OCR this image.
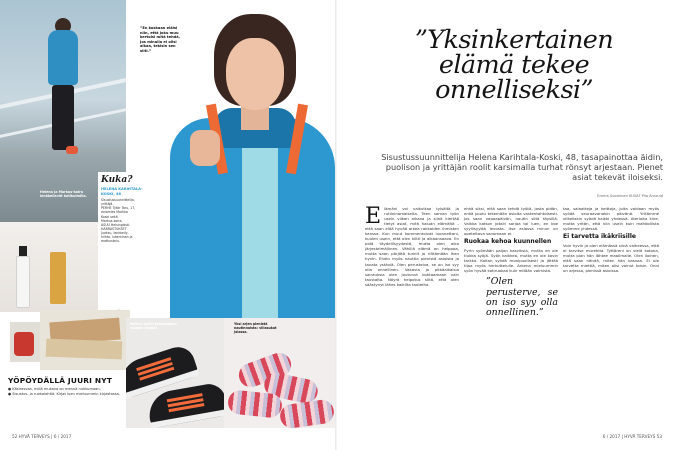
Helena ja Markus-koira lenkkeilevät kotikulmilla.
”En koskaan eläisi niin, että joku muu kertoisi mitä tehdä. Jos minulla ei olisi aikaa, tekisin sen silti.”
Kuka?
HELENA KARIHTALA-KOSKI, 48
Sisustussuunnittelija,
yrittäjä.
PERHE Tytär Taru, 17,
aviomies Markko
Koski sekä
Markus-koira.
ASUU Helsingissä.
HARRASTUKSET
Juoksu, lenkkeily,
hiihto, lukeminen ja
matkustelu.
Helena pyrkii juoksemaan vuoden ympäri.
Yksi arjen pienistä nautinnoista: villasukat jalassa.
YÖPÖYDÄLLÄ JUURI NYT
● Käsirasvaa, millä mukava on mennä nukkumaan.
● Sisustus- ja ruokalehtiä. Kirjat luen mieluummin kirjastossa.
52 HYVÄ TERVEYS | 6 / 2017
”Yksinkertainen
elämä tekee
onnelliseksi”
Sisustussuunnittelija Helena Karihtala-Koski, 48, tasapainottaa äidin, puolison ja yrittäjän roolit karsimalla turhat rönsyt arjestaan. Pienet asiat tekevät iloiseksi.
Emma Suominen KUVAT Piia Arnould
E lämäni voi vaikuttaa tylsältä ja rutiininomaiselta. Teen saman työn usein viikon aikana ja siinä kiertää tietyt asiat, mitä haluan elämältä – että saan elää hyvää arkea rakkaiden ihmisten kanssa. Kun muut kommentoivat luonnettani, kuulen usein, että olen kiltti ja aikaansaava. En pidä täydellisyydestä, mutta olen aika järjestelmällinen. Vähillä elämä on helppoa, mutta saan pärjätä tunnit ja riittämään ihan hyvin. Ehdin myös nauttia pienistä asioista ja tavata ystäviä. Olen perusteiva, se on iso syy olla onnellinen. Vakavia ja pitkäaikaisia sairauksia olen joutunut kohtaamaan vain taustalta. Nöyrä helpotus siitä, että olen säästynyt lähes kaikilta tauteilta.

ehkä siksi, että saan tehdä työtä, josta pidän, enkä joudu tekemään asioita vastentahtoisesti. Jos saan vapaapäivän, nautin siitä täysillä. Vaikka katson jotain sarjaa tai luen, en koe syyllisyyttä levosta. Itse asiassa minun on opeteltava sanomaan ei.

Ruokaa kehoa kuunnellen

Pyrin syömään paljon kasviksia, mutta en ole tiukka syöjä. Syön kaikkea, mutta en ole kovin tarkka. Koitan syödä monipuolisesti ja jättää tilaa myös herkuttelulle. Arkena mieluummin syön hyvää kotiruokaa kuin mitään valmista.

”Olen perusterve, se on iso syy olla onnellinen.”

taa, salaatteja ja keittoja, joita voidaan myös syödä seuraavanakin päivänä. Yritämme viikollakin syödä kaikki yhdessä. Aterioita kiire, mutta yritän, että niin usein kuin mahdollista syömme yhdessä.

Ei tarvetta ikäkriisille

Voin hyvin ja olen elämässä siinä vaiheessa, että ei tarvitse murehtia. Tyttäreni on vielä kotona, mutta pian hän lähtee maailmalle. Olen iloinen, että saan nähdä, miten hän kasvaa. Ei ole tarvetta miettiä, miten olisi voinut toisin. Onni on arjessa, pienissä asioissa.

6 / 2017 | HYVÄ TERVEYS 53
